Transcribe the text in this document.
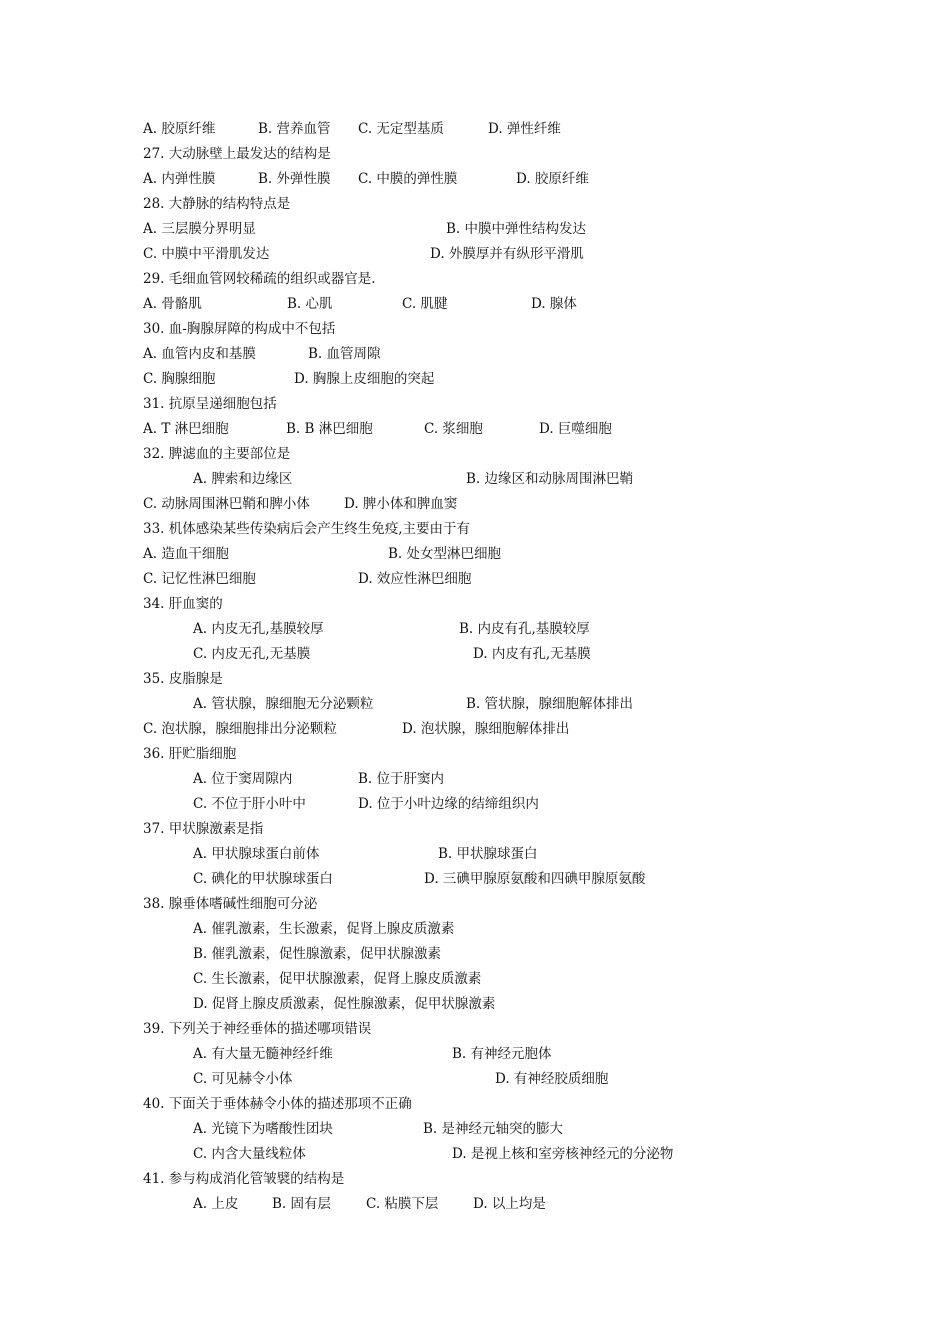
A. 胶原纤维	B. 营养血管 C. 无定型基质	D. 弹性纤维
27. 大动脉壁上最发达的结构是
A. 内弹性膜	B. 外弹性膜 C. 中膜的弹性膜	D. 胶原纤维
28. 大静脉的结构特点是
A. 三层膜分界明显	B. 中膜中弹性结构发达
C. 中膜中平滑肌发达	D. 外膜厚并有纵形平滑肌
29. 毛细血管网较稀疏的组织或器官是.
A. 骨骼肌	B. 心肌	C. 肌腱	D. 腺体
30. 血-胸腺屏障的构成中不包括
A. 血管内皮和基膜	B. 血管周隙
C. 胸腺细胞	D. 胸腺上皮细胞的突起
31. 抗原呈递细胞包括
A. T 淋巴细胞	B. B 淋巴细胞	C. 浆细胞	D. 巨噬细胞
32. 脾滤血的主要部位是
A. 脾索和边缘区	B. 边缘区和动脉周围淋巴鞘
C. 动脉周围淋巴鞘和脾小体	D. 脾小体和脾血窦
33. 机体感染某些传染病后会产生终生免疫,主要由于有
A. 造血干细胞	B. 处女型淋巴细胞
C. 记忆性淋巴细胞	D. 效应性淋巴细胞
34. 肝血窦的
A. 内皮无孔,基膜较厚	B. 内皮有孔,基膜较厚
C. 内皮无孔,无基膜	D. 内皮有孔,无基膜
35. 皮脂腺是
A. 管状腺，腺细胞无分泌颗粒	B. 管状腺，腺细胞解体排出
C. 泡状腺，腺细胞排出分泌颗粒	D. 泡状腺，腺细胞解体排出
36. 肝贮脂细胞
A. 位于窦周隙内	B. 位于肝窦内
C. 不位于肝小叶中	D. 位于小叶边缘的结缔组织内
37. 甲状腺激素是指
A. 甲状腺球蛋白前体	B. 甲状腺球蛋白
C. 碘化的甲状腺球蛋白	D. 三碘甲腺原氨酸和四碘甲腺原氨酸
38. 腺垂体嗜碱性细胞可分泌
A. 催乳激素，生长激素，促肾上腺皮质激素
B. 催乳激素，促性腺激素，促甲状腺激素
C. 生长激素，促甲状腺激素，促肾上腺皮质激素
D. 促肾上腺皮质激素，促性腺激素，促甲状腺激素
39. 下列关于神经垂体的描述哪项错误
A. 有大量无髓神经纤维	B. 有神经元胞体
C. 可见赫令小体	D. 有神经胶质细胞
40. 下面关于垂体赫令小体的描述那项不正确
A. 光镜下为嗜酸性团块	B. 是神经元轴突的膨大
C. 内含大量线粒体	D. 是视上核和室旁核神经元的分泌物
41. 参与构成消化管皱襞的结构是
A. 上皮 B. 固有层	C. 粘膜下层	D. 以上均是
